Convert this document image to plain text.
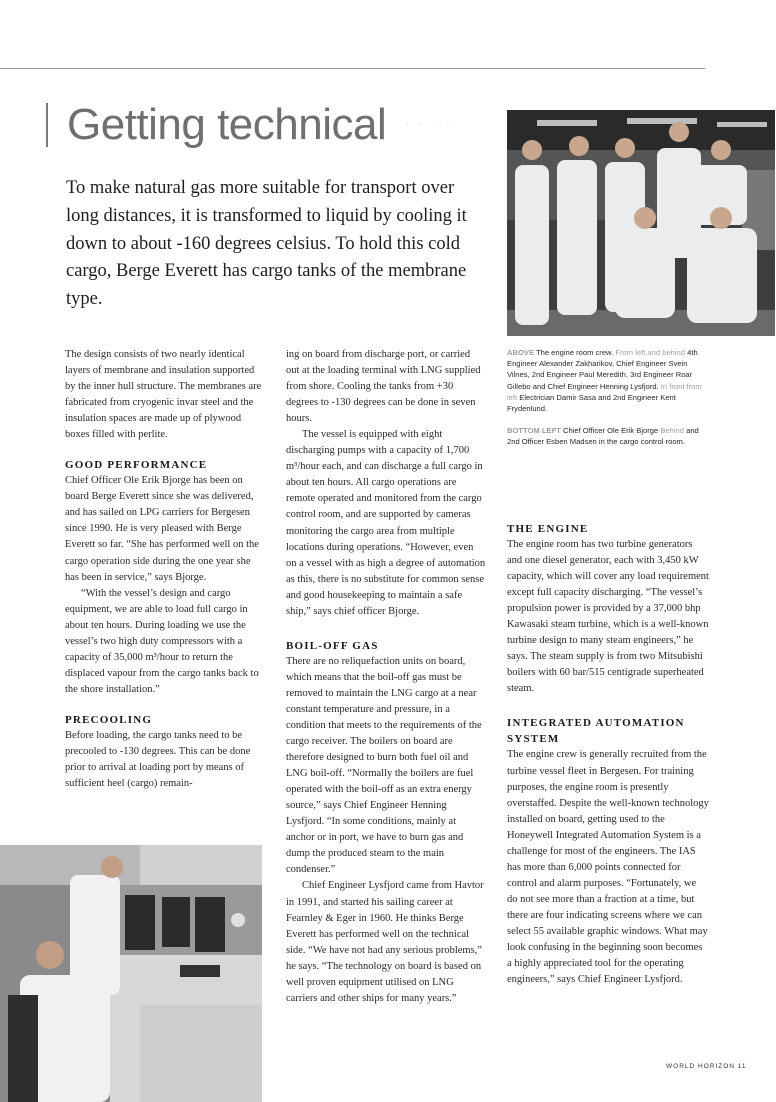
Getting technical · · · ·
To make natural gas more suitable for transport over long distances, it is transformed to liquid by cooling it down to about -160 degrees celsius. To hold this cold cargo, Berge Everett has cargo tanks of the membrane type.

ABOVE The engine room crew. From left and behind 4th Engineer Alexander Zakharikov, Chief Engineer Svein Vilnes, 2nd Engineer Paul Meredith, 3rd Engineer Roar Gillebo and Chief Engineer Henning Lysfjord. In front from left Electrician Damir Sasa and 2nd Engineer Kent Frydenlund.

BOTTOM LEFT Chief Officer Ole Erik Bjorge Behind and 2nd Officer Esben Madsen in the cargo control room.

The design consists of two nearly identical layers of membrane and insulation supported by the inner hull structure. The membranes are fabricated from cryogenic invar steel and the insulation spaces are made up of plywood boxes filled with perlite.

GOOD PERFORMANCE

Chief Officer Ole Erik Bjorge has been on board Berge Everett since she was delivered, and has sailed on LPG carriers for Bergesen since 1990. He is very pleased with Berge Everett so far. “She has performed well on the cargo operation side during the one year she has been in service,” says Bjorge.

“With the vessel’s design and cargo equipment, we are able to load full cargo in about ten hours. During loading we use the vessel’s two high duty compressors with a capacity of 35,000 m³/hour to return the displaced vapour from the cargo tanks back to the shore installation.”

PRECOOLING

Before loading, the cargo tanks need to be precooled to -130 degrees. This can be done prior to arrival at loading port by means of sufficient heel (cargo) remain-

ing on board from discharge port, or carried out at the loading terminal with LNG supplied from shore. Cooling the tanks from +30 degrees to -130 degrees can be done in seven hours.

The vessel is equipped with eight discharging pumps with a capacity of 1,700 m³/hour each, and can discharge a full cargo in about ten hours. All cargo operations are remote operated and monitored from the cargo control room, and are supported by cameras monitoring the cargo area from multiple locations during operations. “However, even on a vessel with as high a degree of automation as this, there is no substitute for common sense and good housekeeping to maintain a safe ship,” says chief officer Bjorge.

BOIL-OFF GAS

There are no reliquefaction units on board, which means that the boil-off gas must be removed to maintain the LNG cargo at a near constant temperature and pressure, in a condition that meets to the requirements of the cargo receiver. The boilers on board are therefore designed to burn both fuel oil and LNG boil-off. “Normally the boilers are fuel operated with the boil-off as an extra energy source,” says Chief Engineer Henning Lysfjord. “In some conditions, mainly at anchor or in port, we have to burn gas and dump the produced steam to the main condenser.”

Chief Engineer Lysfjord came from Havtor in 1991, and started his sailing career at Fearnley & Eger in 1960. He thinks Berge Everett has performed well on the technical side. “We have not had any serious problems,” he says. “The technology on board is based on well proven equipment utilised on LNG carriers and other ships for many years.”

THE ENGINE

The engine room has two turbine generators and one diesel generator, each with 3,450 kW capacity, which will cover any load requirement except full capacity discharging. “The vessel’s propulsion power is provided by a 37,000 bhp Kawasaki steam turbine, which is a well-known turbine design to many steam engineers,” he says. The steam supply is from two Mitsubishi boilers with 60 bar/515 centigrade superheated steam.

INTEGRATED AUTOMATION SYSTEM

The engine crew is generally recruited from the turbine vessel fleet in Bergesen. For training purposes, the engine room is presently overstaffed. Despite the well-known technology installed on board, getting used to the Honeywell Integrated Automation System is a challenge for most of the engineers. The IAS has more than 6,000 points connected for control and alarm purposes. “Fortunately, we do not see more than a fraction at a time, but there are four indicating screens where we can select 55 available graphic windows. What may look confusing in the beginning soon becomes a highly appreciated tool for the operating engineers,” says Chief Engineer Lysfjord.

WORLD HORIZON 11
